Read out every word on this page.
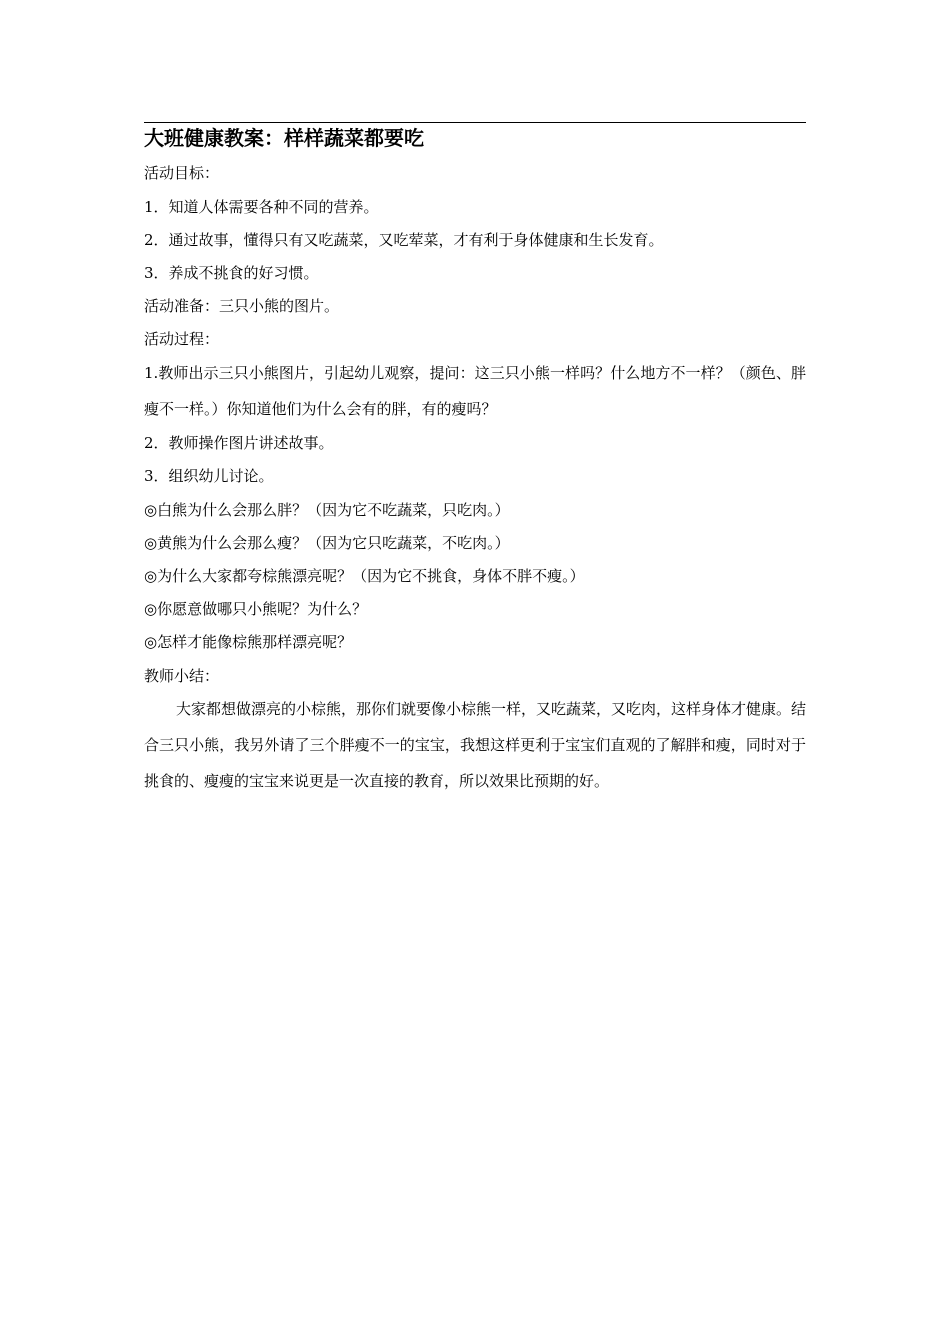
大班健康教案：样样蔬菜都要吃
活动目标：
1．知道人体需要各种不同的营养。
2．通过故事，懂得只有又吃蔬菜，又吃荤菜，才有利于身体健康和生长发育。
3．养成不挑食的好习惯。
活动准备：三只小熊的图片。
活动过程：
1.教师出示三只小熊图片，引起幼儿观察，提问：这三只小熊一样吗？什么地方不一样？（颜色、胖瘦不一样。）你知道他们为什么会有的胖，有的瘦吗？
2．教师操作图片讲述故事。
3．组织幼儿讨论。
◎白熊为什么会那么胖？（因为它不吃蔬菜，只吃肉。）
◎黄熊为什么会那么瘦？（因为它只吃蔬菜，不吃肉。）
◎为什么大家都夸棕熊漂亮呢？（因为它不挑食，身体不胖不瘦。）
◎你愿意做哪只小熊呢？为什么？
◎怎样才能像棕熊那样漂亮呢？
教师小结：
大家都想做漂亮的小棕熊，那你们就要像小棕熊一样，又吃蔬菜，又吃肉，这样身体才健康。结合三只小熊，我另外请了三个胖瘦不一的宝宝，我想这样更利于宝宝们直观的了解胖和瘦，同时对于挑食的、瘦瘦的宝宝来说更是一次直接的教育，所以效果比预期的好。
